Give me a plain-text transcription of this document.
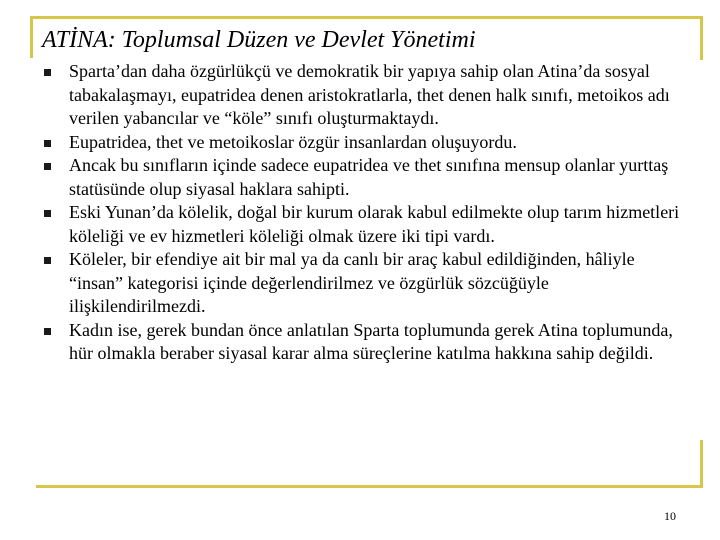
ATİNA: Toplumsal Düzen ve Devlet Yönetimi
Sparta’dan daha özgürlükçü ve demokratik bir yapıya sahip olan Atina’da sosyal tabakalaşmayı, eupatridea denen aristokratlarla, thet denen halk sınıfı, metoikos adı verilen yabancılar ve “köle” sınıfı oluşturmaktaydı.
Eupatridea, thet ve metoikoslar özgür insanlardan oluşuyordu.
Ancak bu sınıfların içinde sadece eupatridea ve thet sınıfına mensup olanlar yurttaş statüsünde olup siyasal haklara sahipti.
Eski Yunan’da kölelik, doğal bir kurum olarak kabul edilmekte olup tarım hizmetleri köleliği ve ev hizmetleri köleliği olmak üzere iki tipi vardı.
Köleler, bir efendiye ait bir mal ya da canlı bir araç kabul edildiğinden, hâliyle “insan” kategorisi içinde değerlendirilmez ve özgürlük sözcüğüyle ilişkilendirilmezdi.
Kadın ise, gerek bundan önce anlatılan Sparta toplumunda gerek Atina toplumunda, hür olmakla beraber siyasal karar alma süreçlerine katılma hakkına sahip değildi.
10
